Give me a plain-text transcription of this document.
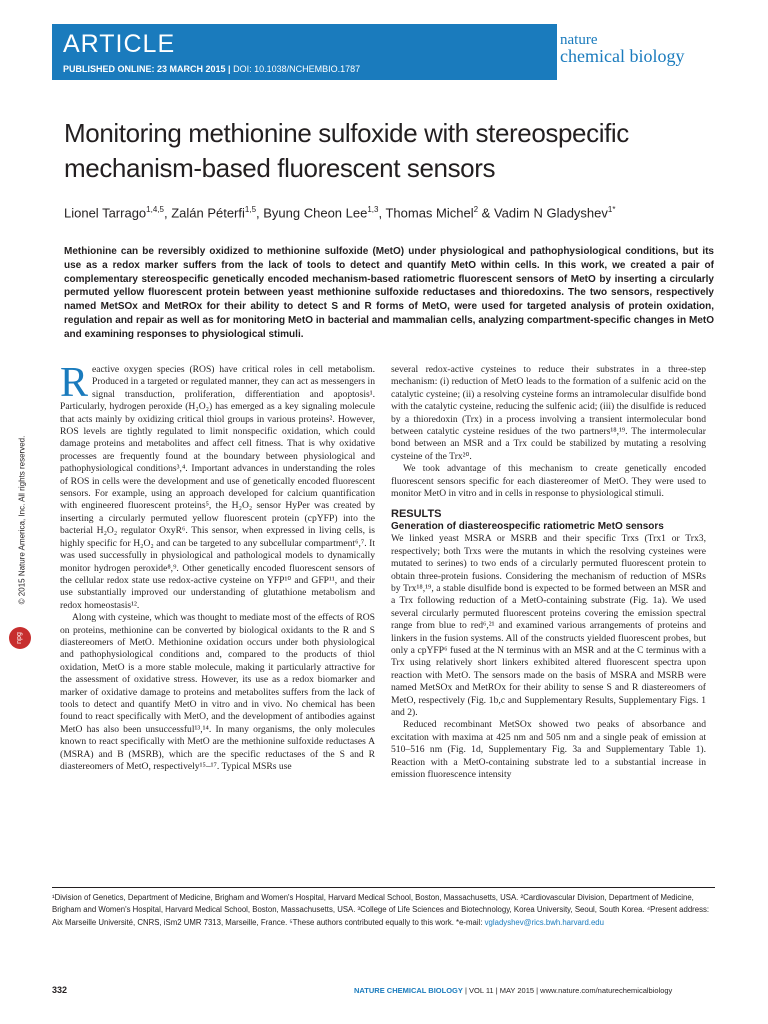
ARTICLE
PUBLISHED ONLINE: 23 MARCH 2015 | DOI: 10.1038/NCHEMBIO.1787
nature
chemical biology
Monitoring methionine sulfoxide with stereospecific mechanism-based fluorescent sensors
Lionel Tarrago$^{1,4,5}$, Zalán Péterfi$^{1,5}$, Byung Cheon Lee$^{1,3}$, Thomas Michel$^2$ & Vadim N Gladyshev$^{1*}$

Methionine can be reversibly oxidized to methionine sulfoxide (MetO) under physiological and pathophysiological conditions, but its use as a redox marker suffers from the lack of tools to detect and quantify MetO within cells. In this work, we created a pair of complementary stereospecific genetically encoded mechanism-based ratiometric fluorescent sensors of MetO by inserting a circularly permuted yellow fluorescent protein between yeast methionine sulfoxide reductases and thioredoxins. The two sensors, respectively named MetSOx and MetROx for their ability to detect S and R forms of MetO, were used for targeted analysis of protein oxidation, regulation and repair as well as for monitoring MetO in bacterial and mammalian cells, analyzing compartment-specific changes in MetO and examining responses to physiological stimuli.

© 2015 Nature America, Inc. All rights reserved.
npg

Reactive oxygen species (ROS) have critical roles in cell metabolism. Produced in a targeted or regulated manner, they can act as messengers in signal transduction, proliferation, differentiation and apoptosis¹. Particularly, hydrogen peroxide (H₂O₂) has emerged as a key signaling molecule that acts mainly by oxidizing critical thiol groups in various proteins². However, ROS levels are tightly regulated to limit nonspecific oxidation, which could damage proteins and metabolites and affect cell fitness. That is why oxidative processes are frequently found at the boundary between physiological and pathophysiological conditions³,⁴. Important advances in understanding the roles of ROS in cells were the development and use of genetically encoded fluorescent sensors. For example, using an approach developed for calcium quantification with engineered fluorescent proteins⁵, the H₂O₂ sensor HyPer was created by inserting a circularly permuted yellow fluorescent protein (cpYFP) into the bacterial H₂O₂ regulator OxyR⁶. This sensor, when expressed in living cells, is highly specific for H₂O₂ and can be targeted to any subcellular compartment⁶,⁷. It was used successfully in physiological and pathological models to dynamically monitor hydrogen peroxide⁸,⁹. Other genetically encoded fluorescent sensors of the cellular redox state use redox-active cysteine on YFP¹⁰ and GFP¹¹, and their use substantially improved our understanding of glutathione metabolism and redox homeostasis¹².

Along with cysteine, which was thought to mediate most of the effects of ROS on proteins, methionine can be converted by biological oxidants to the R and S diastereomers of MetO. Methionine oxidation occurs under both physiological and pathophysiological conditions and, compared to the products of thiol oxidation, MetO is a more stable molecule, making it particularly attractive for the assessment of oxidative stress. However, its use as a redox biomarker and marker of oxidative damage to proteins and metabolites suffers from the lack of tools to detect and quantify MetO in vitro and in vivo. No chemical has been found to react specifically with MetO, and the development of antibodies against MetO has also been unsuccessful¹³,¹⁴. In many organisms, the only molecules known to react specifically with MetO are the methionine sulfoxide reductases A (MSRA) and B (MSRB), which are the specific reductases of the S and R diastereomers of MetO, respectively¹⁵–¹⁷. Typical MSRs use

several redox-active cysteines to reduce their substrates in a three-step mechanism: (i) reduction of MetO leads to the formation of a sulfenic acid on the catalytic cysteine; (ii) a resolving cysteine forms an intramolecular disulfide bond with the catalytic cysteine, reducing the sulfenic acid; (iii) the disulfide is reduced by a thioredoxin (Trx) in a process involving a transient intermolecular bond between catalytic cysteine residues of the two partners¹⁸,¹⁹. The intermolecular bond between an MSR and a Trx could be stabilized by mutating a resolving cysteine of the Trx²⁰.

We took advantage of this mechanism to create genetically encoded fluorescent sensors specific for each diastereomer of MetO. They were used to monitor MetO in vitro and in cells in response to physiological stimuli.

RESULTS
Generation of diastereospecific ratiometric MetO sensors

We linked yeast MSRA or MSRB and their specific Trxs (Trx1 or Trx3, respectively; both Trxs were the mutants in which the resolving cysteines were mutated to serines) to two ends of a circularly permuted fluorescent protein to obtain three-protein fusions. Considering the mechanism of reduction of MSRs by Trx¹⁸,¹⁹, a stable disulfide bond is expected to be formed between an MSR and a Trx following reduction of a MetO-containing substrate (Fig. 1a). We used several circularly permuted fluorescent proteins covering the emission spectral range from blue to red⁶,²¹ and examined various arrangements of proteins and linkers in the fusion systems. All of the constructs yielded fluorescent probes, but only a cpYFP⁶ fused at the N terminus with an MSR and at the C terminus with a Trx using relatively short linkers exhibited altered fluorescent spectra upon reaction with MetO. The sensors made on the basis of MSRA and MSRB were named MetSOx and MetROx for their ability to sense S and R diastereomers of MetO, respectively (Fig. 1b,c and Supplementary Results, Supplementary Figs. 1 and 2).

Reduced recombinant MetSOx showed two peaks of absorbance and excitation with maxima at 425 nm and 505 nm and a single peak of emission at 510–516 nm (Fig. 1d, Supplementary Fig. 3a and Supplementary Table 1). Reaction with a MetO-containing substrate led to a substantial increase in emission fluorescence intensity

¹Division of Genetics, Department of Medicine, Brigham and Women's Hospital, Harvard Medical School, Boston, Massachusetts, USA. ²Cardiovascular Division, Department of Medicine, Brigham and Women's Hospital, Harvard Medical School, Boston, Massachusetts, USA. ³College of Life Sciences and Biotechnology, Korea University, Seoul, South Korea. ⁴Present address: Aix Marseille Université, CNRS, iSm2 UMR 7313, Marseille, France. ⁵These authors contributed equally to this work. *e-mail: vgladyshev@rics.bwh.harvard.edu

332	NATURE CHEMICAL BIOLOGY | VOL 11 | MAY 2015 | www.nature.com/naturechemicalbiology
